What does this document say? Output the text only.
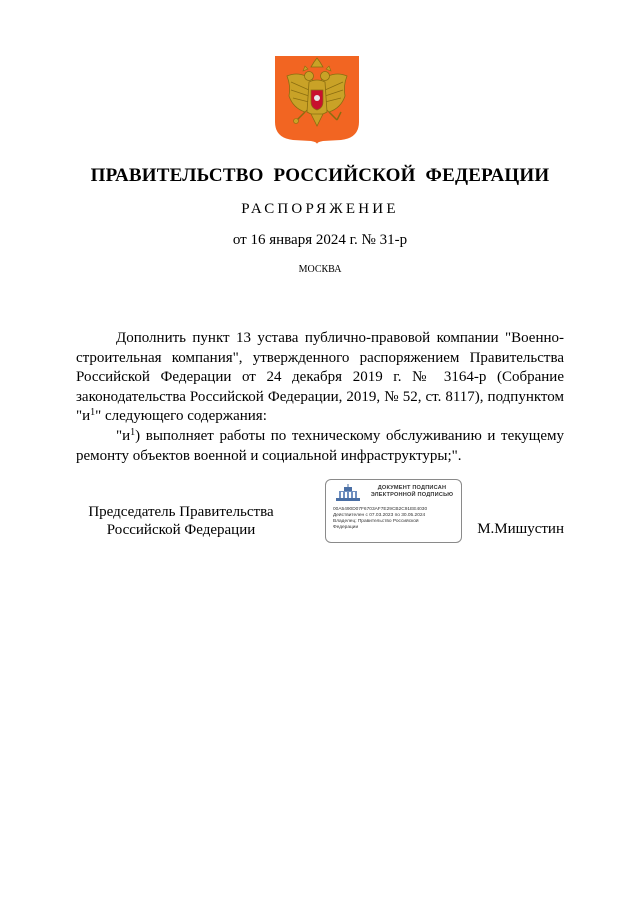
ПРАВИТЕЛЬСТВО РОССИЙСКОЙ ФЕДЕРАЦИИ
РАСПОРЯЖЕНИЕ
от 16 января 2024 г. № 31-р
МОСКВА

Дополнить пункт 13 устава публично-правовой компании "Военно-строительная компания", утвержденного распоряжением Правительства Российской Федерации от 24 декабря 2019 г. № 3164-р (Собрание законодательства Российской Федерации, 2019, № 52, ст. 8117), подпунктом "$и^1$" следующего содержания:

"$и^1$) выполняет работы по техническому обслуживанию и текущему ремонту объектов военной и социальной инфраструктуры;".

Председатель Правительства
Российской Федерации
ДОКУМЕНТ ПОДПИСАН
ЭЛЕКТРОННОЙ ПОДПИСЬЮ
00A5490D07F6703AF7E29CB2C91EE4030
Действителен с 07.03.2023 по 30.05.2024
Владелец: Правительство Российской
Федерации	М.Мишустин
